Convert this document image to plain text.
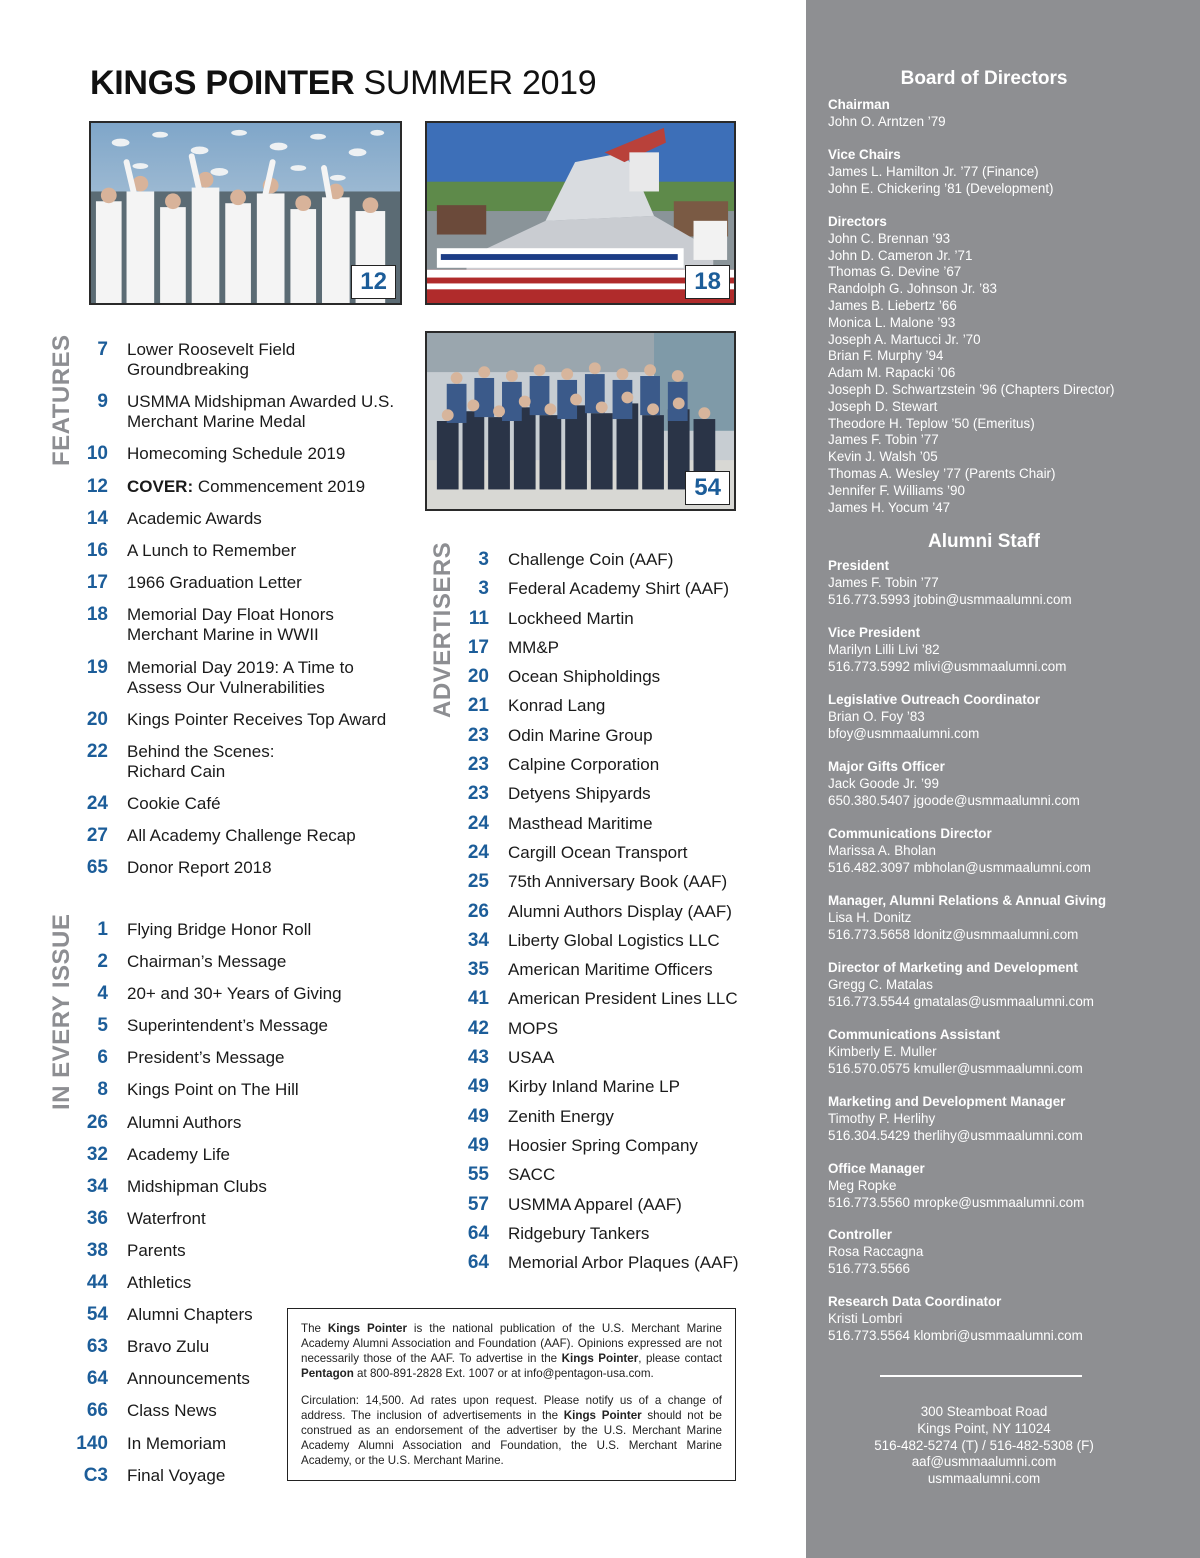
KINGS POINTER SUMMER 2019
12	18
54
FEATURES
IN EVERY ISSUE
ADVERTISERS
7 Lower Roosevelt Field
Groundbreaking
9 USMMA Midshipman Awarded U.S.
Merchant Marine Medal
10 Homecoming Schedule 2019
12 COVER: Commencement 2019
14 Academic Awards
16 A Lunch to Remember
17 1966 Graduation Letter
18 Memorial Day Float Honors
Merchant Marine in WWII
19 Memorial Day 2019: A Time to
Assess Our Vulnerabilities
20 Kings Pointer Receives Top Award
22 Behind the Scenes:
Richard Cain
24 Cookie Café
27 All Academy Challenge Recap
65 Donor Report 2018
1 Flying Bridge Honor Roll
2 Chairman’s Message
4 20+ and 30+ Years of Giving
5 Superintendent’s Message
6 President’s Message
8 Kings Point on The Hill
26 Alumni Authors
32 Academy Life
34 Midshipman Clubs
36 Waterfront
38 Parents
44 Athletics
54 Alumni Chapters
63 Bravo Zulu
64 Announcements
66 Class News
140 In Memoriam
C3 Final Voyage
3 Challenge Coin (AAF)
3 Federal Academy Shirt (AAF)
11 Lockheed Martin
17 MM&P
20 Ocean Shipholdings
21 Konrad Lang
23 Odin Marine Group
23 Calpine Corporation
23 Detyens Shipyards
24 Masthead Maritime
24 Cargill Ocean Transport
25 75th Anniversary Book (AAF)
26 Alumni Authors Display (AAF)
34 Liberty Global Logistics LLC
35 American Maritime Officers
41 American President Lines LLC
42 MOPS
43 USAA
49 Kirby Inland Marine LP
49 Zenith Energy
49 Hoosier Spring Company
55 SACC
57 USMMA Apparel (AAF)
64 Ridgebury Tankers
64 Memorial Arbor Plaques (AAF)

The Kings Pointer is the national publication of the U.S. Merchant Marine Academy Alumni Association and Foundation (AAF). Opinions expressed are not necessarily those of the AAF. To advertise in the Kings Pointer, please contact Pentagon at 800-891-2828 Ext. 1007 or at info@pentagon-usa.com.

Circulation: 14,500. Ad rates upon request. Please notify us of a change of address. The inclusion of advertisements in the Kings Pointer should not be construed as an endorsement of the advertiser by the U.S. Merchant Marine Academy Alumni Association and Foundation, the U.S. Merchant Marine Academy, or the U.S. Merchant Marine.

Board of Directors
Chairman
John O. Arntzen ’79
Vice Chairs
James L. Hamilton Jr. ’77 (Finance)
John E. Chickering ’81 (Development)
Directors
John C. Brennan ’93
John D. Cameron Jr. ’71
Thomas G. Devine ’67
Randolph G. Johnson Jr. ’83
James B. Liebertz ’66
Monica L. Malone ’93
Joseph A. Martucci Jr. ’70
Brian F. Murphy ’94
Adam M. Rapacki ’06
Joseph D. Schwartzstein ’96 (Chapters Director)
Joseph D. Stewart
Theodore H. Teplow ’50 (Emeritus)
James F. Tobin ’77
Kevin J. Walsh ’05
Thomas A. Wesley ’77 (Parents Chair)
Jennifer F. Williams ’90
James H. Yocum ’47
Alumni Staff
President
James F. Tobin ’77
516.773.5993 jtobin@usmmaalumni.com
Vice President
Marilyn Lilli Livi ’82
516.773.5992 mlivi@usmmaalumni.com
Legislative Outreach Coordinator
Brian O. Foy ’83
bfoy@usmmaalumni.com
Major Gifts Officer
Jack Goode Jr. ’99
650.380.5407 jgoode@usmmaalumni.com
Communications Director
Marissa A. Bholan
516.482.3097 mbholan@usmmaalumni.com
Manager, Alumni Relations & Annual Giving
Lisa H. Donitz
516.773.5658 ldonitz@usmmaalumni.com
Director of Marketing and Development
Gregg C. Matalas
516.773.5544 gmatalas@usmmaalumni.com
Communications Assistant
Kimberly E. Muller
516.570.0575 kmuller@usmmaalumni.com
Marketing and Development Manager
Timothy P. Herlihy
516.304.5429 therlihy@usmmaalumni.com
Office Manager
Meg Ropke
516.773.5560 mropke@usmmaalumni.com
Controller
Rosa Raccagna
516.773.5566
Research Data Coordinator
Kristi Lombri
516.773.5564 klombri@usmmaalumni.com
300 Steamboat Road
Kings Point, NY 11024
516-482-5274 (T) / 516-482-5308 (F)
aaf@usmmaalumni.com
usmmaalumni.com
